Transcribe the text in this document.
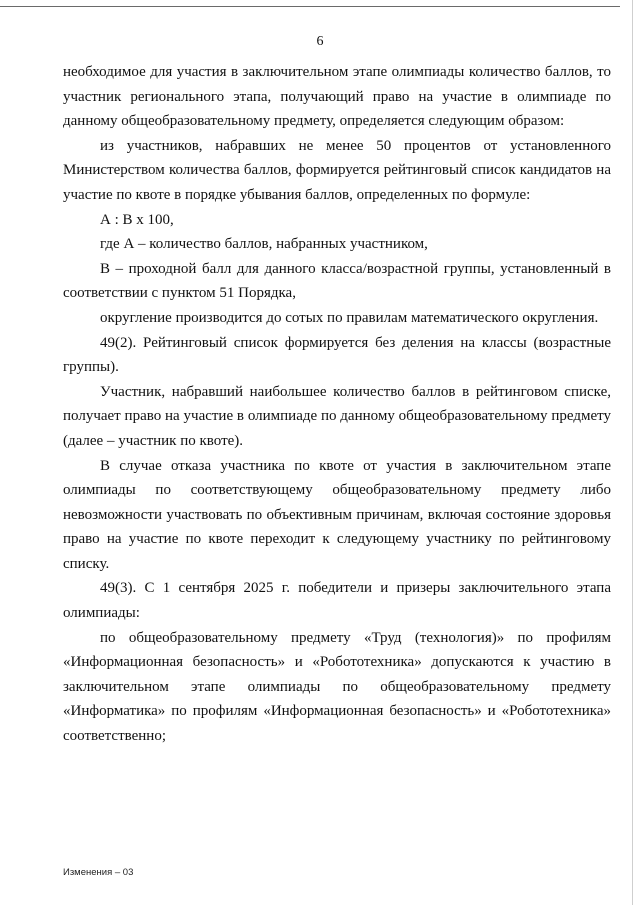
6

необходимое для участия в заключительном этапе олимпиады количество баллов, то участник регионального этапа, получающий право на участие в олимпиаде по данному общеобразовательному предмету, определяется следующим образом:

из участников, набравших не менее 50 процентов от установленного Министерством количества баллов, формируется рейтинговый список кандидатов на участие по квоте в порядке убывания баллов, определенных по формуле:

А : В х 100,

где А – количество баллов, набранных участником,

В – проходной балл для данного класса/возрастной группы, установленный в соответствии с пунктом 51 Порядка,

округление производится до сотых по правилам математического округления.

49(2). Рейтинговый список формируется без деления на классы (возрастные группы).

Участник, набравший наибольшее количество баллов в рейтинговом списке, получает право на участие в олимпиаде по данному общеобразовательному предмету (далее – участник по квоте).

В случае отказа участника по квоте от участия в заключительном этапе олимпиады по соответствующему общеобразовательному предмету либо невозможности участвовать по объективным причинам, включая состояние здоровья право на участие по квоте переходит к следующему участнику по рейтинговому списку.

49(3). С 1 сентября 2025 г. победители и призеры заключительного этапа олимпиады:

по общеобразовательному предмету «Труд (технология)» по профилям «Информационная безопасность» и «Робототехника» допускаются к участию в заключительном этапе олимпиады по общеобразовательному предмету «Информатика» по профилям «Информационная безопасность» и «Робототехника» соответственно;

Изменения – 03
